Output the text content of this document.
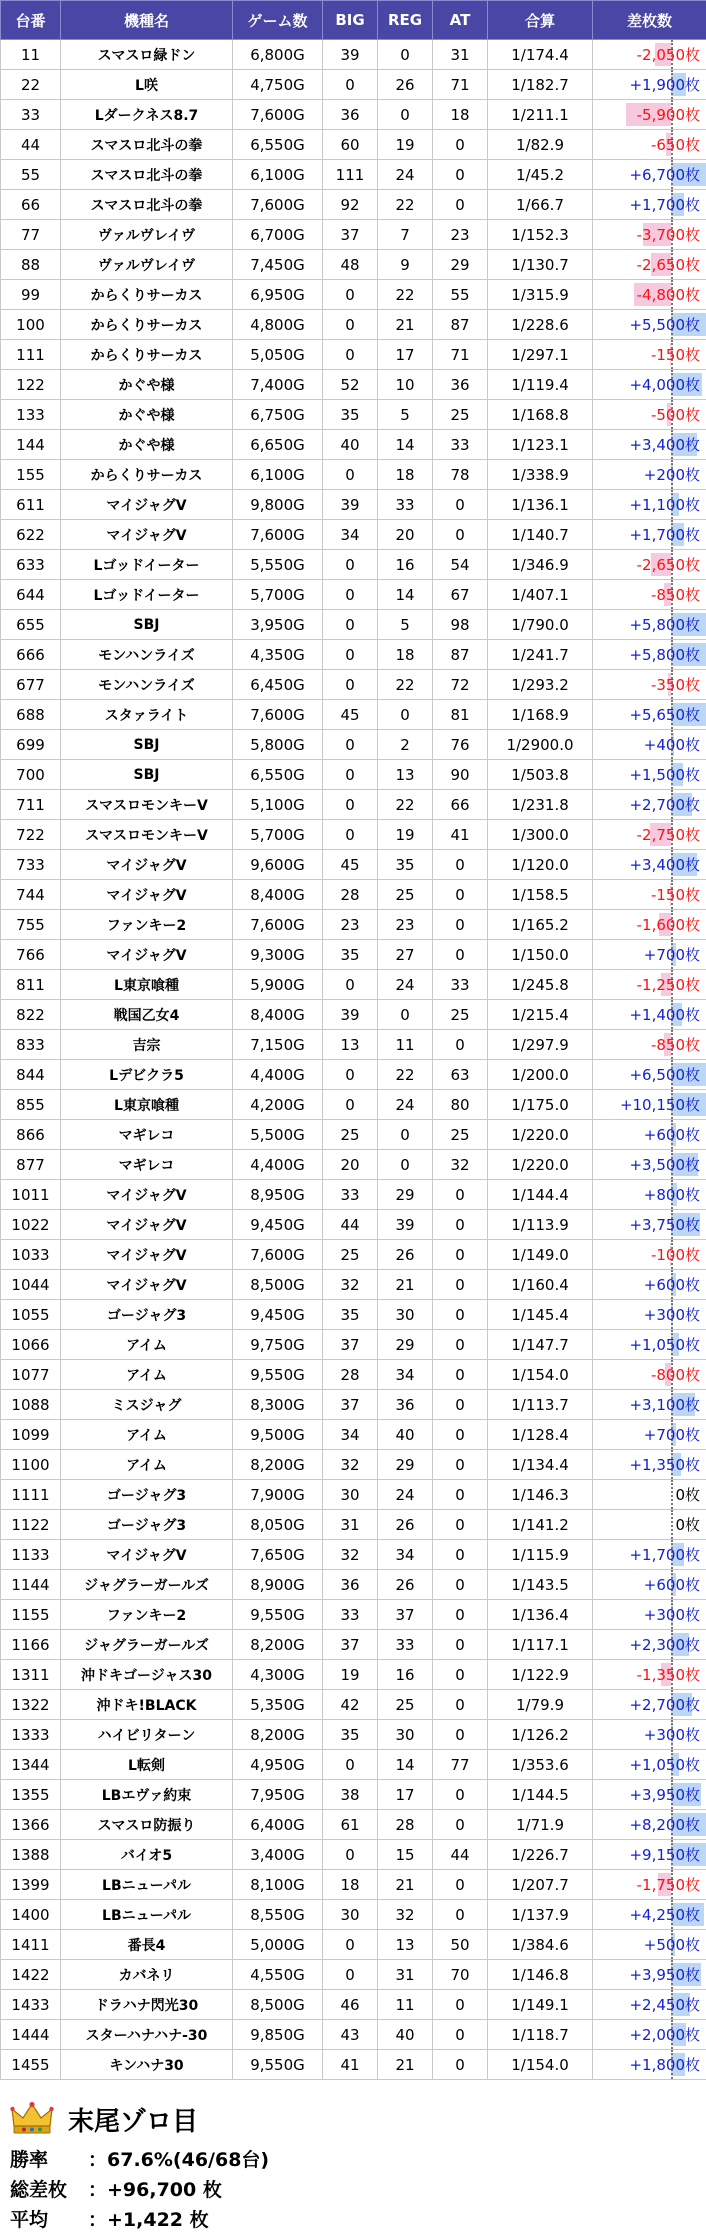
台番	機種名	ゲーム数	BIG	REG	AT	合算	差枚数
11	スマスロ緑ドン	6,800G	39	0	31	1/174.4	-2,050枚
22	L咲	4,750G	0	26	71	1/182.7	+1,900枚
33	Lダークネス8.7	7,600G	36	0	18	1/211.1	-5,900枚
44	スマスロ北斗の拳	6,550G	60	19	0	1/82.9	-650枚
55	スマスロ北斗の拳	6,100G	111	24	0	1/45.2	+6,700枚
66	スマスロ北斗の拳	7,600G	92	22	0	1/66.7	+1,700枚
77	ヴァルヴレイヴ	6,700G	37	7	23	1/152.3	-3,700枚
88	ヴァルヴレイヴ	7,450G	48	9	29	1/130.7	-2,650枚
99	からくりサーカス	6,950G	0	22	55	1/315.9	-4,800枚
100	からくりサーカス	4,800G	0	21	87	1/228.6	+5,500枚
111	からくりサーカス	5,050G	0	17	71	1/297.1	-150枚
122	かぐや様	7,400G	52	10	36	1/119.4	+4,000枚
133	かぐや様	6,750G	35	5	25	1/168.8	-500枚
144	かぐや様	6,650G	40	14	33	1/123.1	+3,400枚
155	からくりサーカス	6,100G	0	18	78	1/338.9	+200枚
611	マイジャグV	9,800G	39	33	0	1/136.1	+1,100枚
622	マイジャグV	7,600G	34	20	0	1/140.7	+1,700枚
633	Lゴッドイーター	5,550G	0	16	54	1/346.9	-2,650枚
644	Lゴッドイーター	5,700G	0	14	67	1/407.1	-850枚
655	SBJ	3,950G	0	5	98	1/790.0	+5,800枚
666	モンハンライズ	4,350G	0	18	87	1/241.7	+5,800枚
677	モンハンライズ	6,450G	0	22	72	1/293.2	-350枚
688	スタァライト	7,600G	45	0	81	1/168.9	+5,650枚
699	SBJ	5,800G	0	2	76	1/2900.0	+400枚
700	SBJ	6,550G	0	13	90	1/503.8	+1,500枚
711	スマスロモンキーV	5,100G	0	22	66	1/231.8	+2,700枚
722	スマスロモンキーV	5,700G	0	19	41	1/300.0	-2,750枚
733	マイジャグV	9,600G	45	35	0	1/120.0	+3,400枚
744	マイジャグV	8,400G	28	25	0	1/158.5	-150枚
755	ファンキー2	7,600G	23	23	0	1/165.2	-1,600枚
766	マイジャグV	9,300G	35	27	0	1/150.0	+700枚
811	L東京喰種	5,900G	0	24	33	1/245.8	-1,250枚
822	戦国乙女4	8,400G	39	0	25	1/215.4	+1,400枚
833	吉宗	7,150G	13	11	0	1/297.9	-850枚
844	Lデビクラ5	4,400G	0	22	63	1/200.0	+6,500枚
855	L東京喰種	4,200G	0	24	80	1/175.0	+10,150枚
866	マギレコ	5,500G	25	0	25	1/220.0	+600枚
877	マギレコ	4,400G	20	0	32	1/220.0	+3,500枚
1011	マイジャグV	8,950G	33	29	0	1/144.4	+800枚
1022	マイジャグV	9,450G	44	39	0	1/113.9	+3,750枚
1033	マイジャグV	7,600G	25	26	0	1/149.0	-100枚
1044	マイジャグV	8,500G	32	21	0	1/160.4	+600枚
1055	ゴージャグ3	9,450G	35	30	0	1/145.4	+300枚
1066	アイム	9,750G	37	29	0	1/147.7	+1,050枚
1077	アイム	9,550G	28	34	0	1/154.0	-800枚
1088	ミスジャグ	8,300G	37	36	0	1/113.7	+3,100枚
1099	アイム	9,500G	34	40	0	1/128.4	+700枚
1100	アイム	8,200G	32	29	0	1/134.4	+1,350枚
1111	ゴージャグ3	7,900G	30	24	0	1/146.3	0枚
1122	ゴージャグ3	8,050G	31	26	0	1/141.2	0枚
1133	マイジャグV	7,650G	32	34	0	1/115.9	+1,700枚
1144	ジャグラーガールズ	8,900G	36	26	0	1/143.5	+600枚
1155	ファンキー2	9,550G	33	37	0	1/136.4	+300枚
1166	ジャグラーガールズ	8,200G	37	33	0	1/117.1	+2,300枚
1311	沖ドキゴージャス30	4,300G	19	16	0	1/122.9	-1,350枚
1322	沖ドキ!BLACK	5,350G	42	25	0	1/79.9	+2,700枚
1333	ハイビリターン	8,200G	35	30	0	1/126.2	+300枚
1344	L転剣	4,950G	0	14	77	1/353.6	+1,050枚
1355	LBエヴァ約束	7,950G	38	17	0	1/144.5	+3,950枚
1366	スマスロ防振り	6,400G	61	28	0	1/71.9	+8,200枚
1388	バイオ5	3,400G	0	15	44	1/226.7	+9,150枚
1399	LBニューパル	8,100G	18	21	0	1/207.7	-1,750枚
1400	LBニューパル	8,550G	30	32	0	1/137.9	+4,250枚
1411	番長4	5,000G	0	13	50	1/384.6	+500枚
1422	カバネリ	4,550G	0	31	70	1/146.8	+3,950枚
1433	ドラハナ閃光30	8,500G	46	11	0	1/149.1	+2,450枚
1444	スターハナハナ-30	9,850G	43	40	0	1/118.7	+2,000枚
1455	キンハナ30	9,550G	41	21	0	1/154.0	+1,800枚
末尾ゾロ目
勝率 ：67.6%(46/68台)
総差枚 ：+96,700 枚
平均 ：+1,422 枚
